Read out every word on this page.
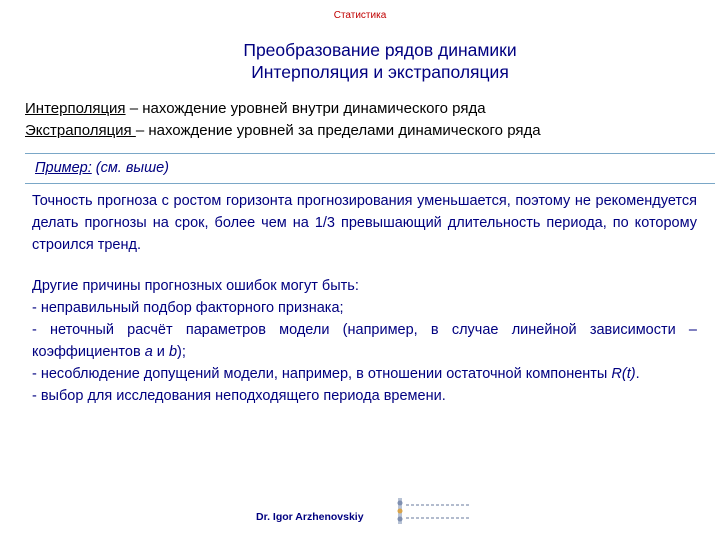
Статистика
Преобразование рядов динамики
Интерполяция и экстраполяция
Интерполяция – нахождение уровней внутри динамического ряда
Экстраполяция – нахождение уровней за пределами динамического ряда
Пример: (см. выше)
Точность прогноза с ростом горизонта прогнозирования уменьшается, поэтому не рекомендуется делать прогнозы на срок, более чем на 1/3 превышающий длительность периода, по которому строился тренд.
Другие причины прогнозных ошибок могут быть:
- неправильный подбор факторного признака;
- неточный расчёт параметров модели (например, в случае линейной зависимости – коэффициентов a и b);
- несоблюдение допущений модели, например, в отношении остаточной компоненты R(t).
- выбор для исследования неподходящего периода времени.
Dr. Igor Arzhenovskiy
